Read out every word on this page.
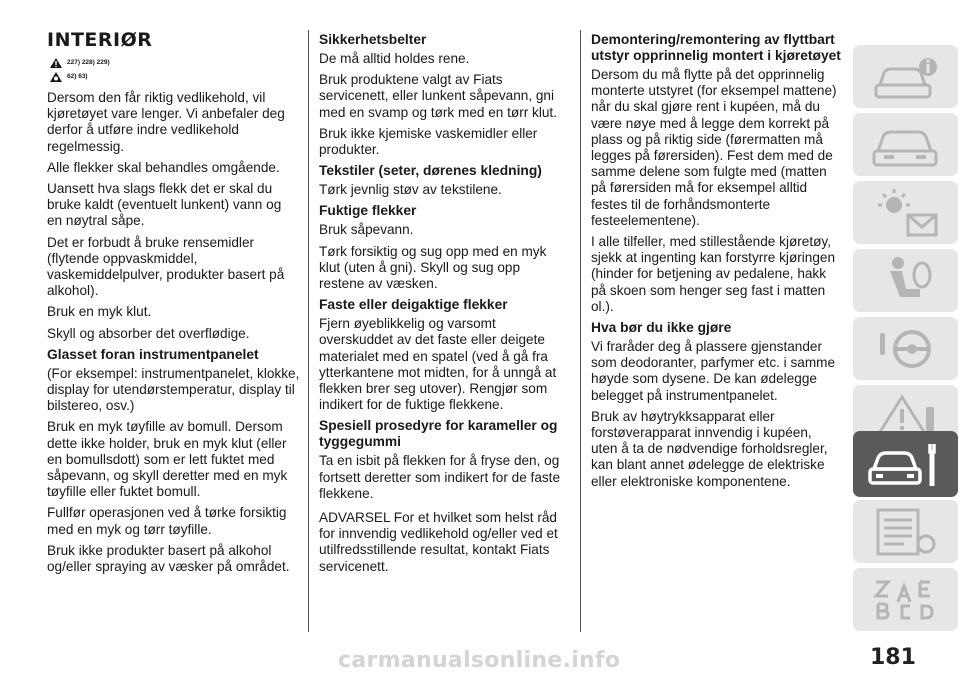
INTERIØR
227) 228) 229)
62) 63)

Dersom den får riktig vedlikehold, vil kjøretøyet vare lenger. Vi anbefaler deg derfor å utføre indre vedlikehold regelmessig.

Alle flekker skal behandles omgående.

Uansett hva slags flekk det er skal du bruke kaldt (eventuelt lunkent) vann og en nøytral såpe.

Det er forbudt å bruke rensemidler (flytende oppvaskmiddel, vaskemiddelpulver, produkter basert på alkohol).

Bruk en myk klut.

Skyll og absorber det overflødige.

Glasset foran instrumentpanelet

(For eksempel: instrumentpanelet, klokke, display for utendørstemperatur, display til bilstereo, osv.)

Bruk en myk tøyfille av bomull. Dersom dette ikke holder, bruk en myk klut (eller en bomullsdott) som er lett fuktet med såpevann, og skyll deretter med en myk tøyfille eller fuktet bomull.

Fullfør operasjonen ved å tørke forsiktig med en myk og tørr tøyfille.

Bruk ikke produkter basert på alkohol og/eller spraying av væsker på området.

Sikkerhetsbelter

De må alltid holdes rene.

Bruk produktene valgt av Fiats servicenett, eller lunkent såpevann, gni med en svamp og tørk med en tørr klut.

Bruk ikke kjemiske vaskemidler eller produkter.

Tekstiler (seter, dørenes kledning)

Tørk jevnlig støv av tekstilene.

Fuktige flekker

Bruk såpevann.

Tørk forsiktig og sug opp med en myk klut (uten å gni). Skyll og sug opp restene av væsken.

Faste eller deigaktige flekker

Fjern øyeblikkelig og varsomt overskuddet av det faste eller deigete materialet med en spatel (ved å gå fra ytterkantene mot midten, for å unngå at flekken brer seg utover). Rengjør som indikert for de fuktige flekkene.

Spesiell prosedyre for karameller og tyggegummi

Ta en isbit på flekken for å fryse den, og fortsett deretter som indikert for de faste flekkene.

ADVARSEL For et hvilket som helst råd for innvendig vedlikehold og/eller ved et utilfredsstillende resultat, kontakt Fiats servicenett.

Demontering/remontering av flyttbart utstyr opprinnelig montert i kjøretøyet

Dersom du må flytte på det opprinnelig monterte utstyret (for eksempel mattene) når du skal gjøre rent i kupéen, må du være nøye med å legge dem korrekt på plass og på riktig side (førermatten må legges på førersiden). Fest dem med de samme delene som fulgte med (matten på førersiden må for eksempel alltid festes til de forhåndsmonterte festeelementene).

I alle tilfeller, med stillestående kjøretøy, sjekk at ingenting kan forstyrre kjøringen (hinder for betjening av pedalene, hakk på skoen som henger seg fast i matten ol.).

Hva bør du ikke gjøre

Vi fraråder deg å plassere gjenstander som deodoranter, parfymer etc. i samme høyde som dysene. De kan ødelegge belegget på instrumentpanelet.

Bruk av høytrykksapparat eller forstøverapparat innvendig i kupéen, uten å ta de nødvendige forholdsregler, kan blant annet ødelegge de elektriske eller elektroniske komponentene.

181
carmanualsonline.info
